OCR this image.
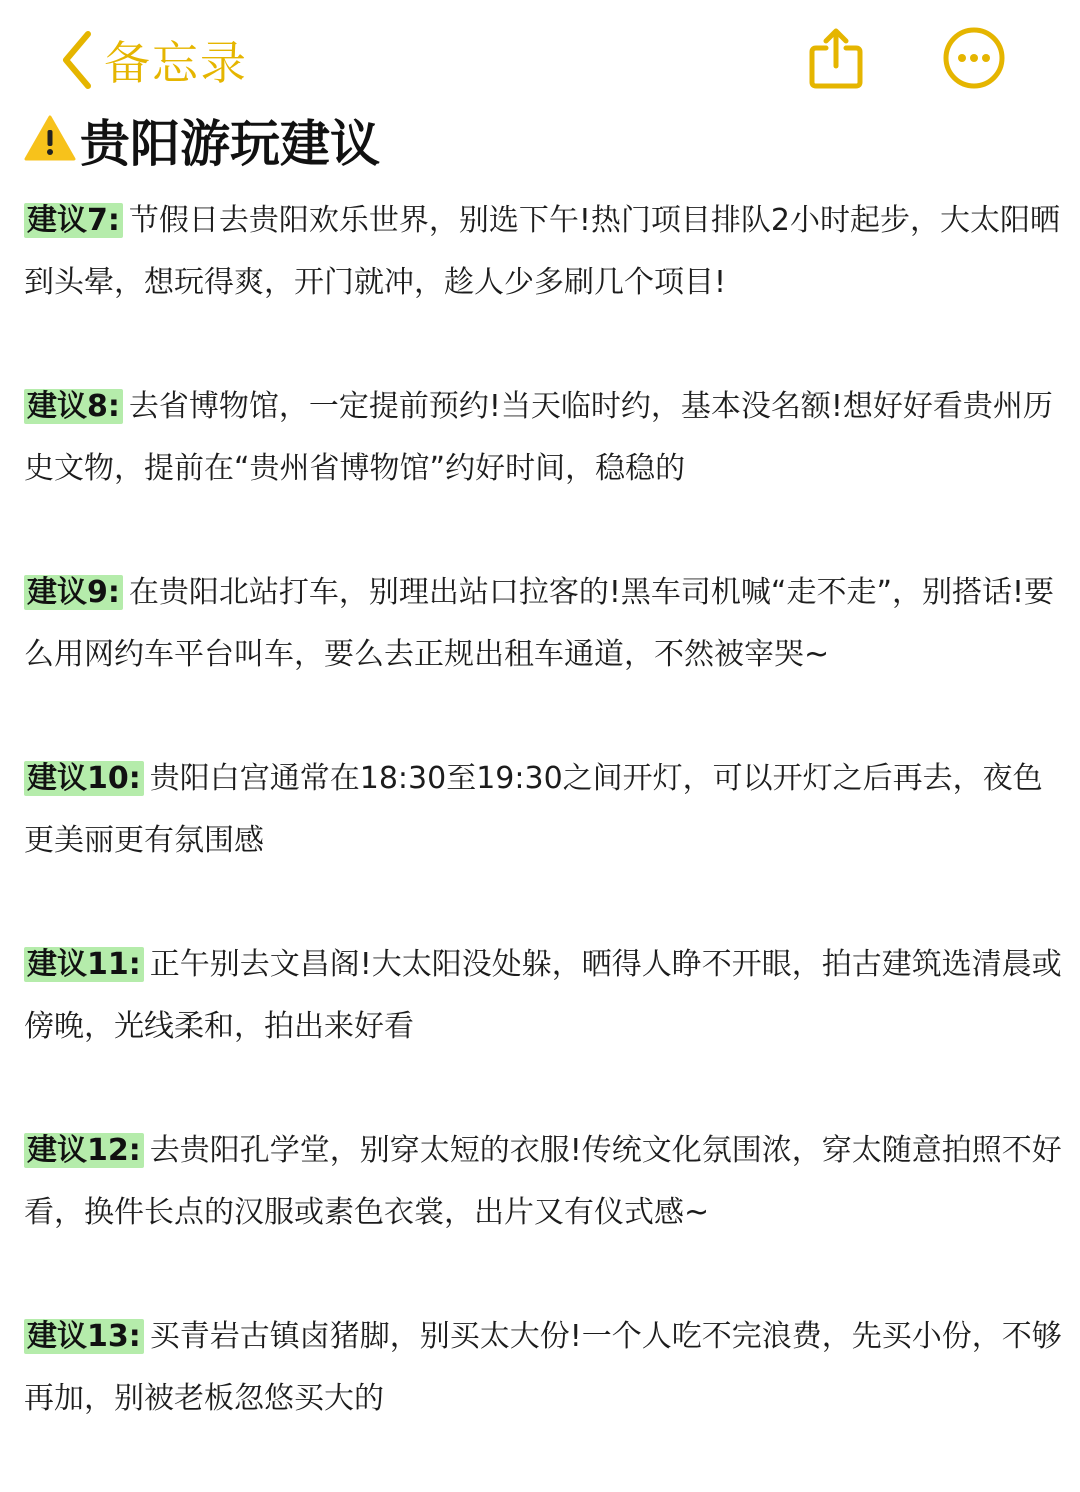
备忘录
贵阳游玩建议

建议7: 节假日去贵阳欢乐世界，别选下午!热门项目排队2小时起步，大太阳晒到头晕，想玩得爽，开门就冲，趁人少多刷几个项目!

建议8: 去省博物馆，一定提前预约!当天临时约，基本没名额!想好好看贵州历史文物，提前在“贵州省博物馆”约好时间，稳稳的

建议9: 在贵阳北站打车，别理出站口拉客的!黑车司机喊“走不走”，别搭话!要么用网约车平台叫车，要么去正规出租车通道，不然被宰哭~

建议10: 贵阳白宫通常在18:30至19:30之间开灯，可以开灯之后再去，夜色更美丽更有氛围感

建议11: 正午别去文昌阁!大太阳没处躲，晒得人睁不开眼，拍古建筑选清晨或傍晚，光线柔和，拍出来好看

建议12: 去贵阳孔学堂，别穿太短的衣服!传统文化氛围浓，穿太随意拍照不好看，换件长点的汉服或素色衣裳，出片又有仪式感~

建议13: 买青岩古镇卤猪脚，别买太大份!一个人吃不完浪费，先买小份，不够再加，别被老板忽悠买大的
